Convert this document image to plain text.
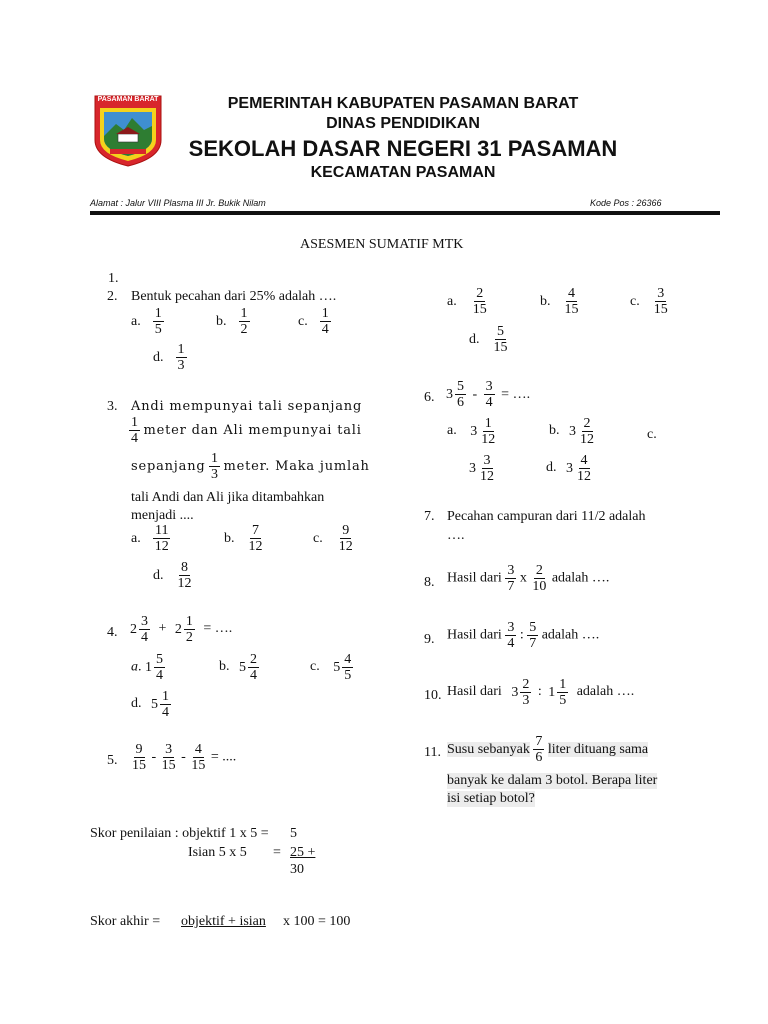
PASAMAN BARAT	PEMERINTAH KABUPATEN PASAMAN BARAT
DINAS PENDIDIKAN
SEKOLAH DASAR NEGERI 31 PASAMAN
KECAMATAN PASAMAN
Alamat : Jalur VIII Plasma III Jr. Bukik Nilam	Kode Pos : 26366
ASESMEN SUMATIF MTK
1.
2. Bentuk pecahan dari 25% adalah ….
a. $\frac{1}{5}$	b. $\frac{1}{2}$	c. $\frac{1}{4}$
d. $\frac{1}{3}$
3. Andi mempunyai tali sepanjang
$\frac{1}{4}$ meter dan Ali mempunyai tali
sepanjang $\frac{1}{3}$ meter. Maka jumlah
tali Andi dan Ali jika ditambahkan
menjadi ....
a. $\frac{11}{12}$	b. $\frac{7}{12}$	c. $\frac{9}{12}$
d. $\frac{8}{12}$
4. $2 \frac{3}{4} + 2 \frac{1}{2}$ = ….
a. $1 \frac{5}{4}$	b. $5 \frac{2}{4}$	c. $5 \frac{4}{5}$
d. $5 \frac{1}{4}$
5. $\frac{9}{15} - \frac{3}{15} - \frac{4}{15}$ = ....
a. $\frac{2}{15}$	b. $\frac{4}{15}$	c. $\frac{3}{15}$
d. $\frac{5}{15}$
6. $3 \frac{5}{6} - \frac{3}{4}$ = ….
a. $3 \frac{1}{12}$	b. $3 \frac{2}{12}$	c.
$3 \frac{3}{12}$	d. $3 \frac{4}{12}$
7. Pecahan campuran dari 11/2 adalah
….
8. Hasil dari $\frac{3}{7}$ x $\frac{2}{10}$ adalah ….
9. Hasil dari $\frac{3}{4}$ : $\frac{5}{7}$ adalah ….
10. Hasil dari $3 \frac{2}{3}$ : $1 \frac{1}{5}$ adalah ….
11. Susu sebanyak $\frac{7}{6}$ liter dituang sama
banyak ke dalam 3 botol. Berapa liter
isi setiap botol?
Skor penilaian : objektif 1 x 5 = 5
Isian 5 x 5 = 25 +
30
Skor akhir = objektif + isian x 100 = 100
